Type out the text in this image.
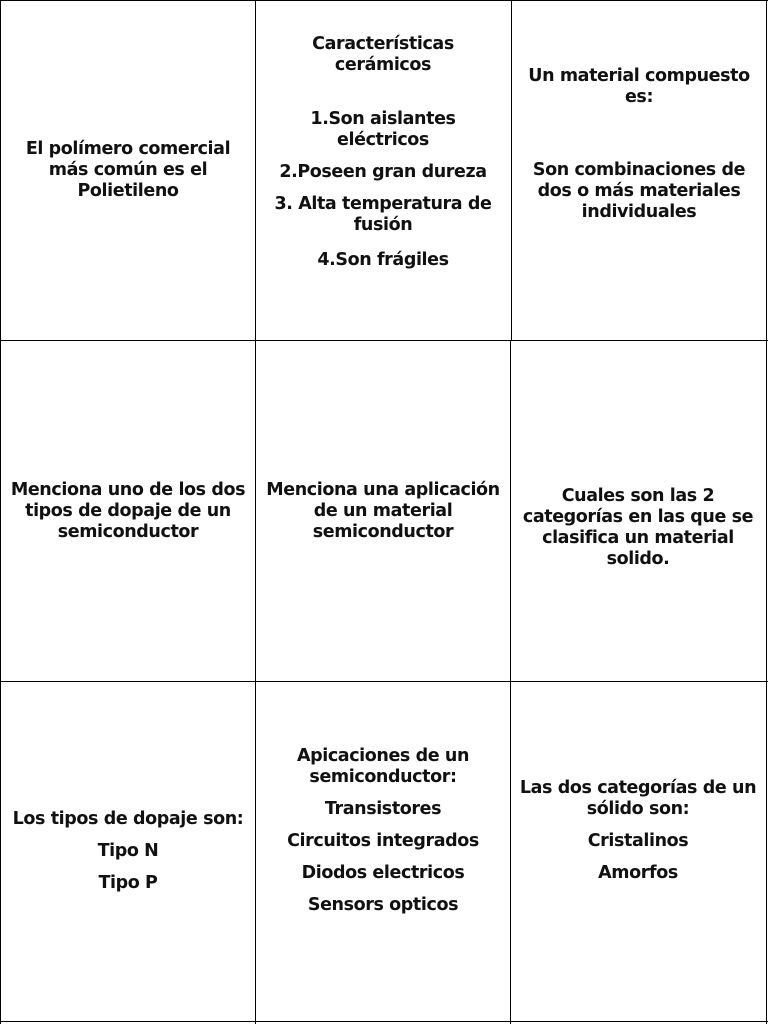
El polímero comercial más común es el Polietileno

Características cerámicos

1.Son aislantes eléctricos

2.Poseen gran dureza

3. Alta temperatura de fusión

4.Son frágiles

Un material compuesto es:

Son combinaciones de dos o más materiales individuales

Menciona uno de los dos tipos de dopaje de un semiconductor

Menciona una aplicación de un material semiconductor

Cuales son las 2 categorías en las que se clasifica un material solido.

Los tipos de dopaje son:

Tipo N

Tipo P

Apicaciones de un semiconductor:

Transistores

Circuitos integrados

Diodos electricos

Sensors opticos

Las dos categorías de un sólido son:

Cristalinos

Amorfos
